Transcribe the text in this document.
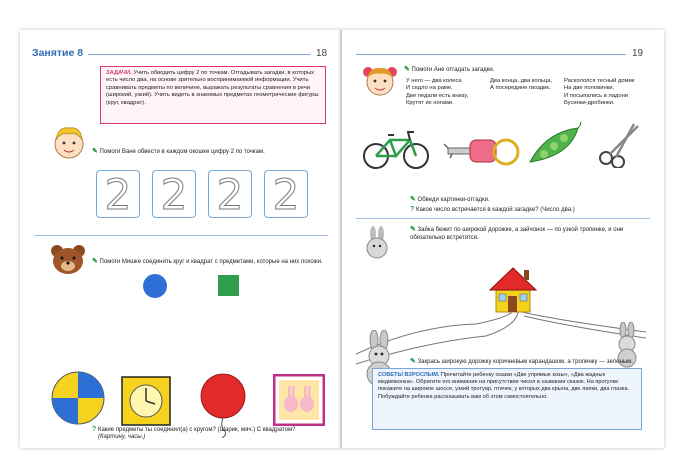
Занятие 8	18
ЗАДАЧИ. Учить обводить цифру 2 по точкам. Отгадывать загадки, в которых есть число два, на основе зрительно воспринимаемой информации. Учить сравнивать предметы по величине, выражать результаты сравнения в речи (широкий, узкий). Учить видеть в знакомых предметах геометрические фигуры (круг, квадрат).
✎ Помоги Ване обвести в каждом окошке цифру 2 по точкам.
2 2 2 2
✎ Помоги Мишке соединить круг и квадрат с предметами, которые на них похожи.
? Какие предметы ты соединил(а) с кругом? (Шарик, мяч.) С квадратом?
(Картину, часы.)
19
✎ Помоги Ане отгадать загадки.
У него — два колеса
И седло на раме,
Две педали есть внизу,
Крутят их ногами.
Два конца, два кольца,
А посередине гвоздик.
Раскололся тесный домик
На две половинки,
И посыпались в ладони
Бусинки-дробинки.
✎ Обведи картинки-отгадки.
? Какое число встречается в каждой загадке? (Число два.)
✎ Зайка бежит по широкой дорожке, а зайчонок — по узкой тропинке, и они обязательно встретятся.
✎ Закрась широкую дорожку коричневым карандашом, а тропинку — зеленым.
СОВЕТЫ ВЗРОСЛЫМ. Прочитайте ребенку сказки «Две упрямые козы», «Два жадных медвежонка». Обратите его внимание на присутствие чисел в названии сказок. На прогулке покажите на широкое шоссе, узкий тротуар, птичек, у которых два крыла, две лапки, два глазка. Побуждайте ребенка рассказывать вам об этом самостоятельно.
